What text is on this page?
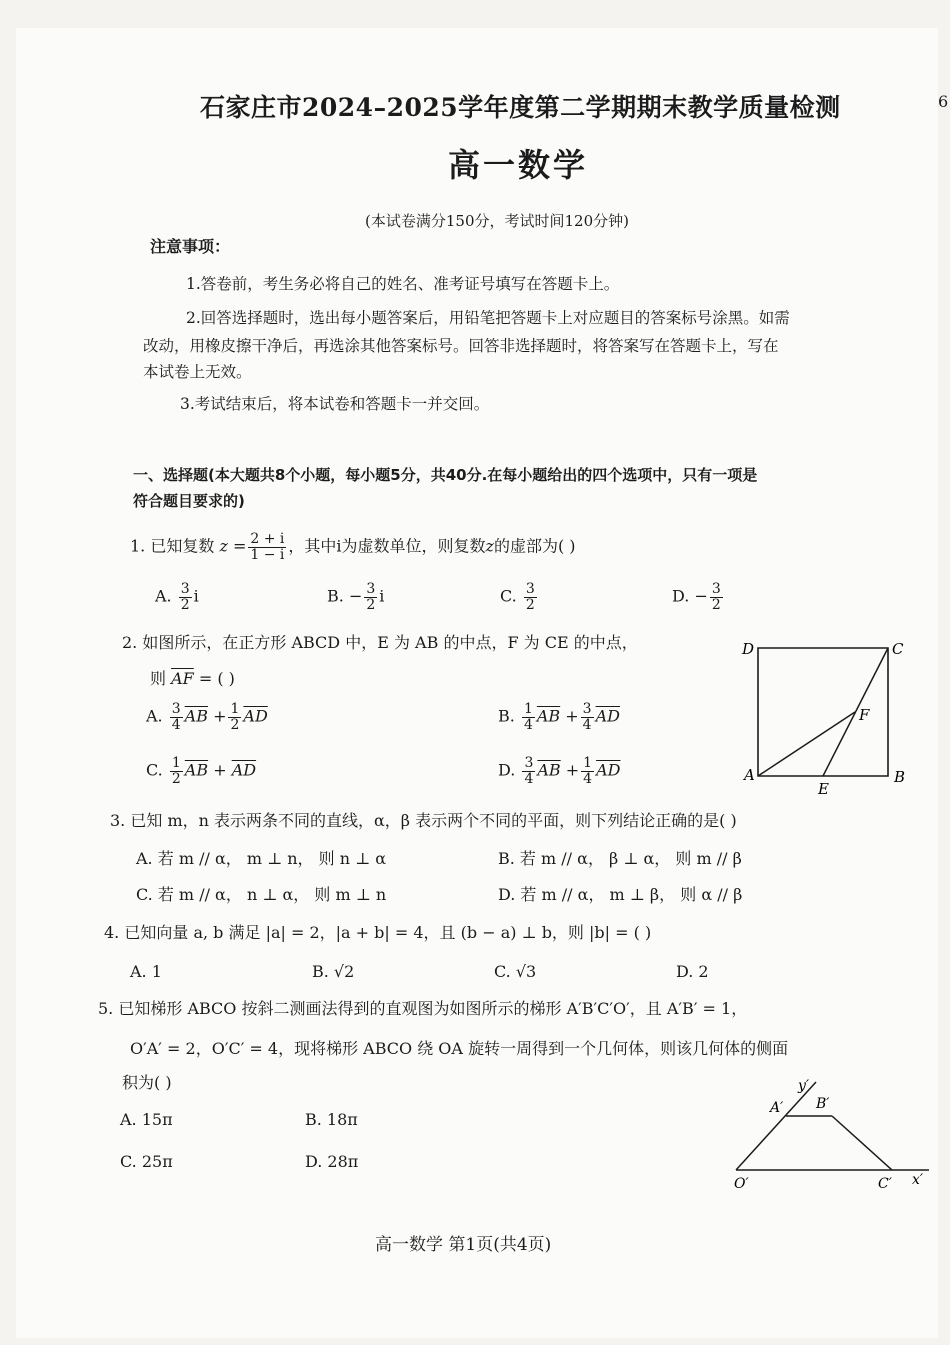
石家庄市2024–2025学年度第二学期期末教学质量检测	6
高一数学
(本试卷满分150分，考试时间120分钟)
注意事项：
1.答卷前，考生务必将自己的姓名、准考证号填写在答题卡上。
2.回答选择题时，选出每小题答案后，用铅笔把答题卡上对应题目的答案标号涂黑。如需
改动，用橡皮擦干净后，再选涂其他答案标号。回答非选择题时，将答案写在答题卡上，写在
本试卷上无效。
3.考试结束后，将本试卷和答题卡一并交回。
一、选择题(本大题共8个小题，每小题5分，共40分.在每小题给出的四个选项中，只有一项是
符合题目要求的)
1. 已知复数 $z = \frac{2 + i}{1 - i}$ ，其中i为虚数单位，则复数z的虚部为( )
A. $\frac{3}{2}$ i	B. − $\frac{3}{2}$ i	C. $\frac{3}{2}$	D. − $\frac{3}{2}$
2. 如图所示，在正方形 ABCD 中，E 为 AB 的中点，F 为 CE 的中点，
则 $\overline{AF}$ = ( )
A. $\frac{3}{4} \overline{AB} + \frac{1}{2} \overline{AD}$	B. $\frac{1}{4} \overline{AB} + \frac{3}{4} \overline{AD}$
C. $\frac{1}{2} \overline{AB} + \overline{AD}$	D. $\frac{3}{4} \overline{AB} + \frac{1}{4} \overline{AD}$
D	C
A	B
E
F
3. 已知 m，n 表示两条不同的直线，α，β 表示两个不同的平面，则下列结论正确的是( )
A. 若 m // α， m ⊥ n， 则 n ⊥ α	B. 若 m // α， β ⊥ α， 则 m // β
C. 若 m // α， n ⊥ α， 则 m ⊥ n	D. 若 m // α， m ⊥ β， 则 α // β
4. 已知向量 a, b 满足 |a| = 2，|a + b| = 4，且 (b − a) ⊥ b，则 |b| = ( )
A. 1	B. √2	C. √3	D. 2
5. 已知梯形 ABCO 按斜二测画法得到的直观图为如图所示的梯形 A′B′C′O′，且 A′B′ = 1，
O′A′ = 2，O′C′ = 4，现将梯形 ABCO 绕 OA 旋转一周得到一个几何体，则该几何体的侧面
积为( )
A. 15π	B. 18π
C. 25π	D. 28π
y′
A′ B′
O′	C′ x′
高一数学 第1页(共4页)
